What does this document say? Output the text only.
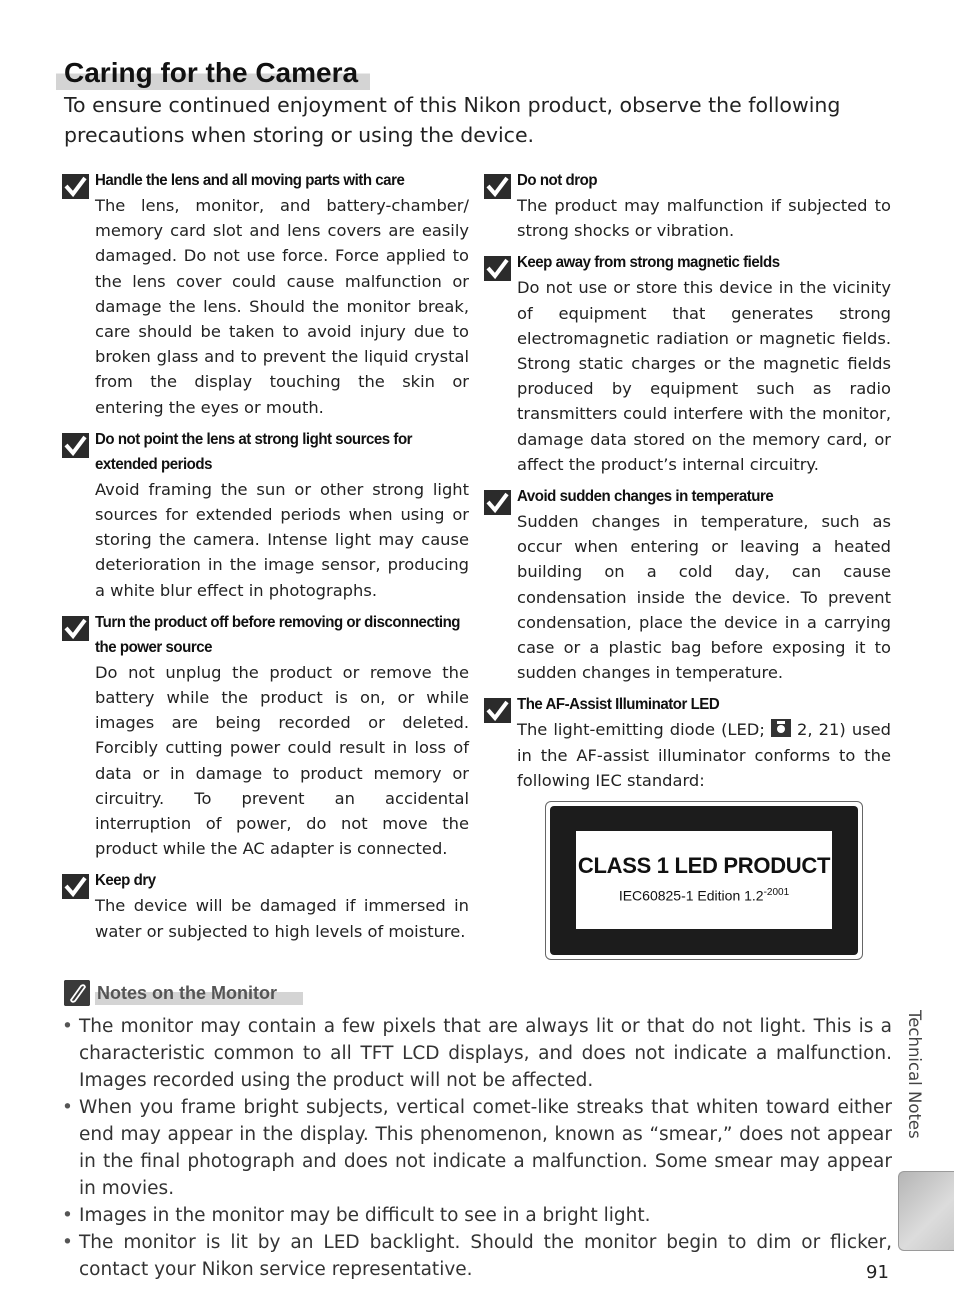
Caring for the Camera

To ensure continued enjoyment of this Nikon product, observe the following precautions when storing or using the device.

Handle the lens and all moving parts with care
The lens, monitor, and battery-chamber/ memory card slot and lens covers are easily damaged. Do not use force. Force applied to the lens cover could cause malfunction or damage the lens. Should the monitor break, care should be taken to avoid injury due to broken glass and to prevent the liquid crystal from the display touching the skin or entering the eyes or mouth.
Do not point the lens at strong light sources for extended periods
Avoid framing the sun or other strong light sources for extended periods when using or storing the camera. Intense light may cause deterioration in the image sensor, producing a white blur effect in photographs.
Turn the product off before removing or disconnecting the power source
Do not unplug the product or remove the battery while the product is on, or while images are being recorded or deleted. Forcibly cutting power could result in loss of data or in damage to product memory or circuitry. To prevent an accidental interruption of power, do not move the product while the AC adapter is connected.
Keep dry
The device will be damaged if immersed in water or subjected to high levels of moisture.
Do not drop
The product may malfunction if subjected to strong shocks or vibration.
Keep away from strong magnetic fields
Do not use or store this device in the vicinity of equipment that generates strong electromagnetic radiation or magnetic fields. Strong static charges or the magnetic fields produced by equipment such as radio transmitters could interfere with the monitor, damage data stored on the memory card, or affect the product’s internal circuitry.
Avoid sudden changes in temperature
Sudden changes in temperature, such as occur when entering or leaving a heated building on a cold day, can cause condensation inside the device. To prevent condensation, place the device in a carrying case or a plastic bag before exposing it to sudden changes in temperature.
The AF-Assist Illuminator LED
The light-emitting diode (LED; 2, 21) used in the AF-assist illuminator conforms to the following IEC standard:
CLASS 1 LED PRODUCT
IEC60825-1 Edition $1.2^{-2001}$
Notes on the Monitor
• The monitor may contain a few pixels that are always lit or that do not light. This is a characteristic common to all TFT LCD displays, and does not indicate a malfunction. Images recorded using the product will not be affected.
• When you frame bright subjects, vertical comet-like streaks that whiten toward either end may appear in the display. This phenomenon, known as “smear,” does not appear in the final photograph and does not indicate a malfunction. Some smear may appear in movies.
• Images in the monitor may be difficult to see in a bright light.
• The monitor is lit by an LED backlight. Should the monitor begin to dim or flicker, contact your Nikon service representative.
Technical Notes
91
